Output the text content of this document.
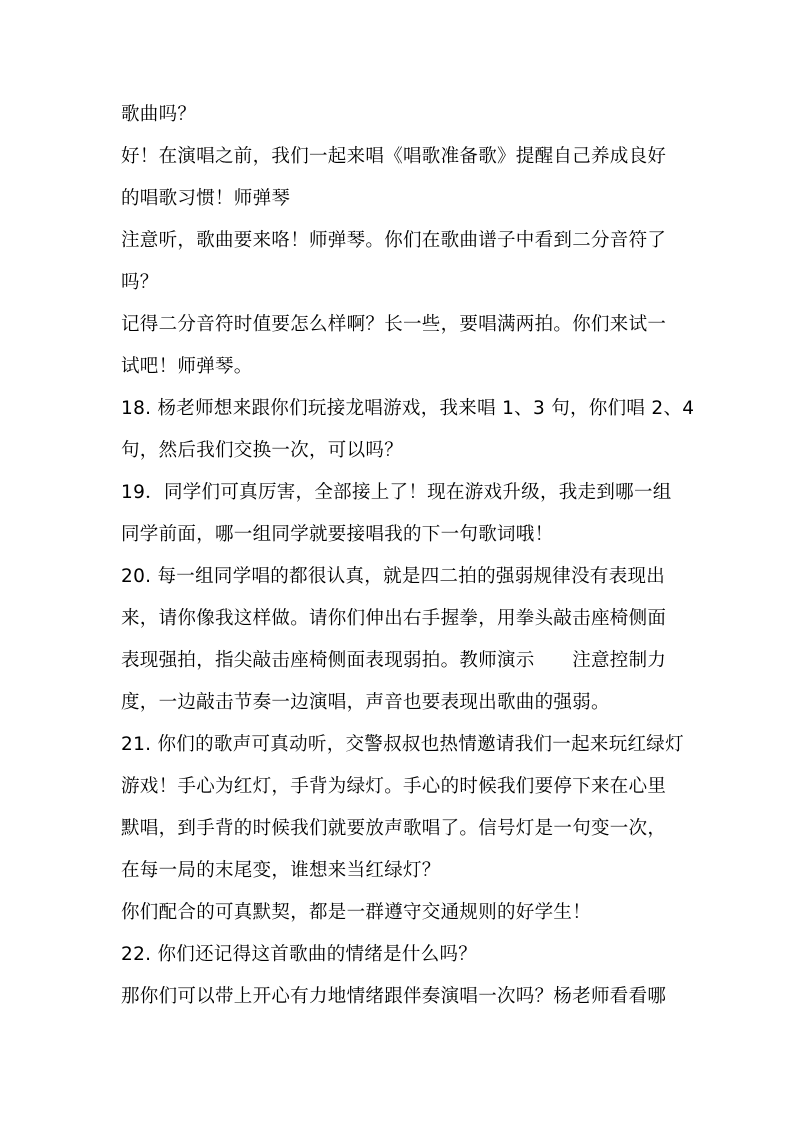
歌曲吗？
好！在演唱之前，我们一起来唱《唱歌准备歌》提醒自己养成良好
的唱歌习惯！师弹琴
注意听，歌曲要来咯！师弹琴。你们在歌曲谱子中看到二分音符了
吗？
记得二分音符时值要怎么样啊？长一些，要唱满两拍。你们来试一
试吧！师弹琴。
18. 杨老师想来跟你们玩接龙唱游戏，我来唱 1、3 句，你们唱 2、4
句，然后我们交换一次，可以吗？
19．同学们可真厉害，全部接上了！现在游戏升级，我走到哪一组
同学前面，哪一组同学就要接唱我的下一句歌词哦！
20. 每一组同学唱的都很认真，就是四二拍的强弱规律没有表现出
来，请你像我这样做。请你们伸出右手握拳，用拳头敲击座椅侧面
表现强拍，指尖敲击座椅侧面表现弱拍。教师演示　　注意控制力
度，一边敲击节奏一边演唱，声音也要表现出歌曲的强弱。
21. 你们的歌声可真动听，交警叔叔也热情邀请我们一起来玩红绿灯
游戏！手心为红灯，手背为绿灯。手心的时候我们要停下来在心里
默唱，到手背的时候我们就要放声歌唱了。信号灯是一句变一次，
在每一局的末尾变，谁想来当红绿灯？
你们配合的可真默契，都是一群遵守交通规则的好学生！
22. 你们还记得这首歌曲的情绪是什么吗？
那你们可以带上开心有力地情绪跟伴奏演唱一次吗？杨老师看看哪
